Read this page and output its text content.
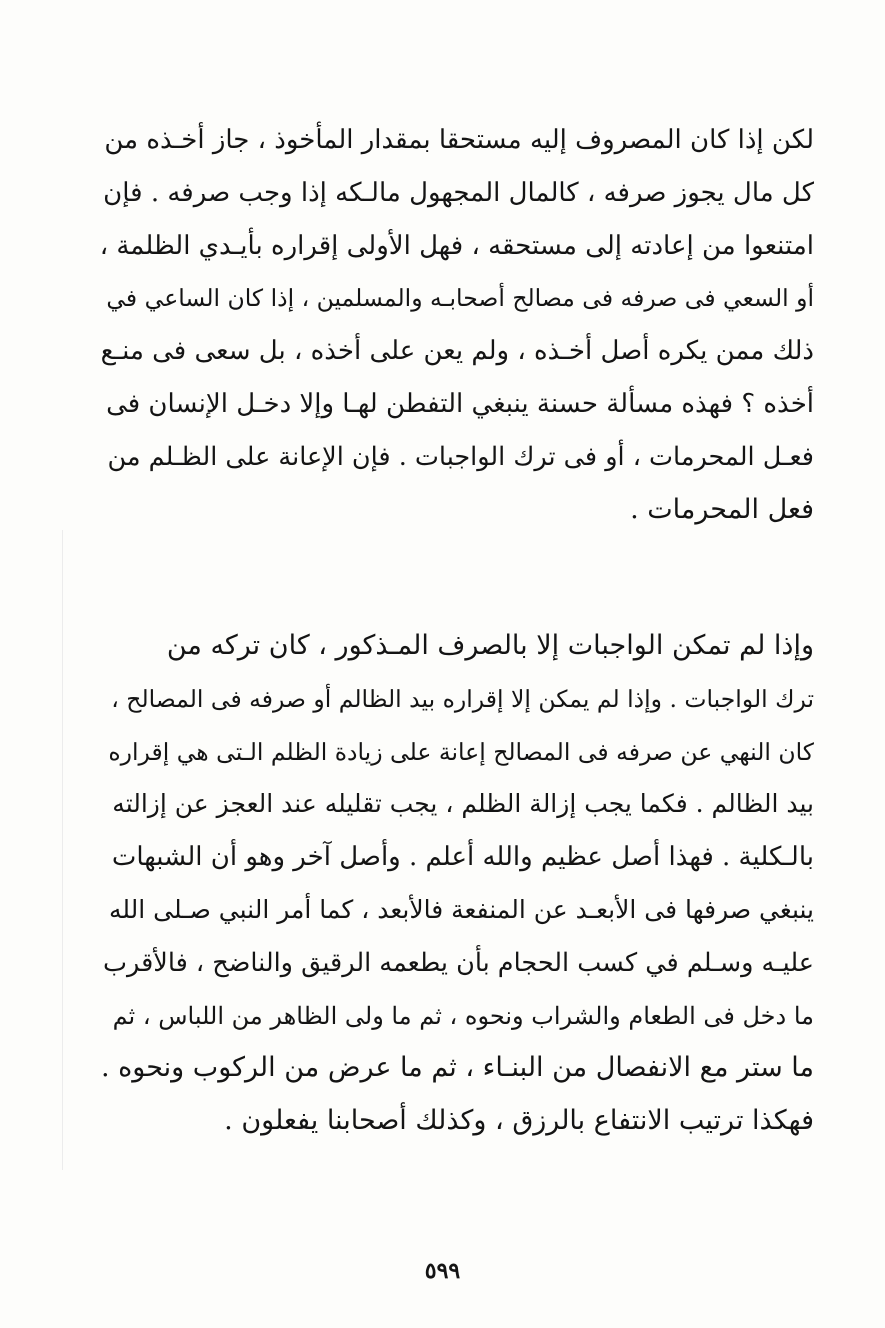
لكن إذا كان المصروف إليه مستحقا بمقدار المأخوذ ، جاز أخـذه من
كل مال يجوز صرفه ، كالمال المجهول مالـكه إذا وجب صرفه . فإن
امتنعوا من إعادته إلى مستحقه ، فهل الأولى إقراره بأيـدي الظلمة ،
أو السعي فى صرفه فى مصالح أصحابـه والمسلمين ، إذا كان الساعي في
ذلك ممن يكره أصل أخـذه ، ولم يعن على أخذه ، بل سعى فى منـع
أخذه ؟ فهذه مسألة حسنة ينبغي التفطن لهـا وإلا دخـل الإنسان فى
فعـل المحرمات ، أو فى ترك الواجبات . فإن الإعانة على الظـلم من
فعل المحرمات .
وإذا لم تمكن الواجبات إلا بالصرف المـذكور ، كان تركه من
ترك الواجبات . وإذا لم يمكن إلا إقراره بيد الظالم أو صرفه فى المصالح ،
كان النهي عن صرفه فى المصالح إعانة على زيادة الظلم الـتى هي إقراره
بيد الظالم . فكما يجب إزالة الظلم ، يجب تقليله عند العجز عن إزالته
بالـكلية . فهذا أصل عظيم والله أعلم . وأصل آخر وهو أن الشبهات
ينبغي صرفها فى الأبعـد عن المنفعة فالأبعد ، كما أمر النبي صـلى الله
عليـه وسـلم في كسب الحجام بأن يطعمه الرقيق والناضح ، فالأقرب
ما دخل فى الطعام والشراب ونحوه ، ثم ما ولى الظاهر من اللباس ، ثم
ما ستر مع الانفصال من البنـاء ، ثم ما عرض من الركوب ونحوه .
فهكذا ترتيب الانتفاع بالرزق ، وكذلك أصحابنا يفعلون .
٥٩٩
